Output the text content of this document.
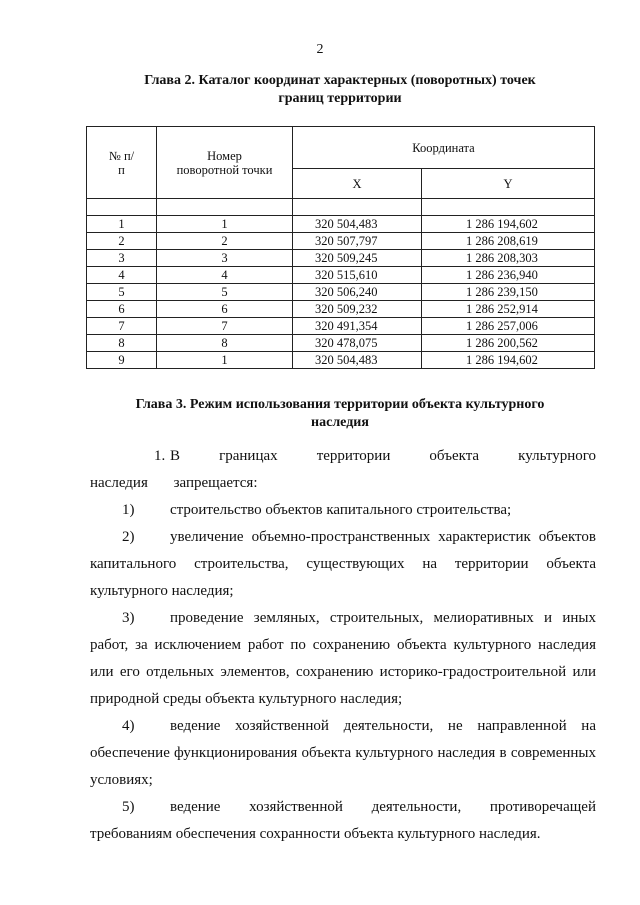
2
Глава 2. Каталог координат характерных (поворотных) точек
границ территории
№ п/п	Номер поворотной точки	Координата	
		X	Y

1	1	320 504,483	1 286 194,602
2	2	320 507,797	1 286 208,619
3	3	320 509,245	1 286 208,303
4	4	320 515,610	1 286 236,940
5	5	320 506,240	1 286 239,150
6	6	320 509,232	1 286 252,914
7	7	320 491,354	1 286 257,006
8	8	320 478,075	1 286 200,562
9	1	320 504,483	1 286 194,602
Глава 3. Режим использования территории объекта культурного
наследия

1. В границах территории объекта культурного наследия запрещается:

1) строительство объектов капитального строительства;

2) увеличение объемно-пространственных характеристик объектов капитального строительства, существующих на территории объекта культурного наследия;

3) проведение земляных, строительных, мелиоративных и иных работ, за исключением работ по сохранению объекта культурного наследия или его отдельных элементов, сохранению историко-градостроительной или природной среды объекта культурного наследия;

4) ведение хозяйственной деятельности, не направленной на обеспечение функционирования объекта культурного наследия в современных условиях;

5) ведение хозяйственной деятельности, противоречащей требованиям обеспечения сохранности объекта культурного наследия.
